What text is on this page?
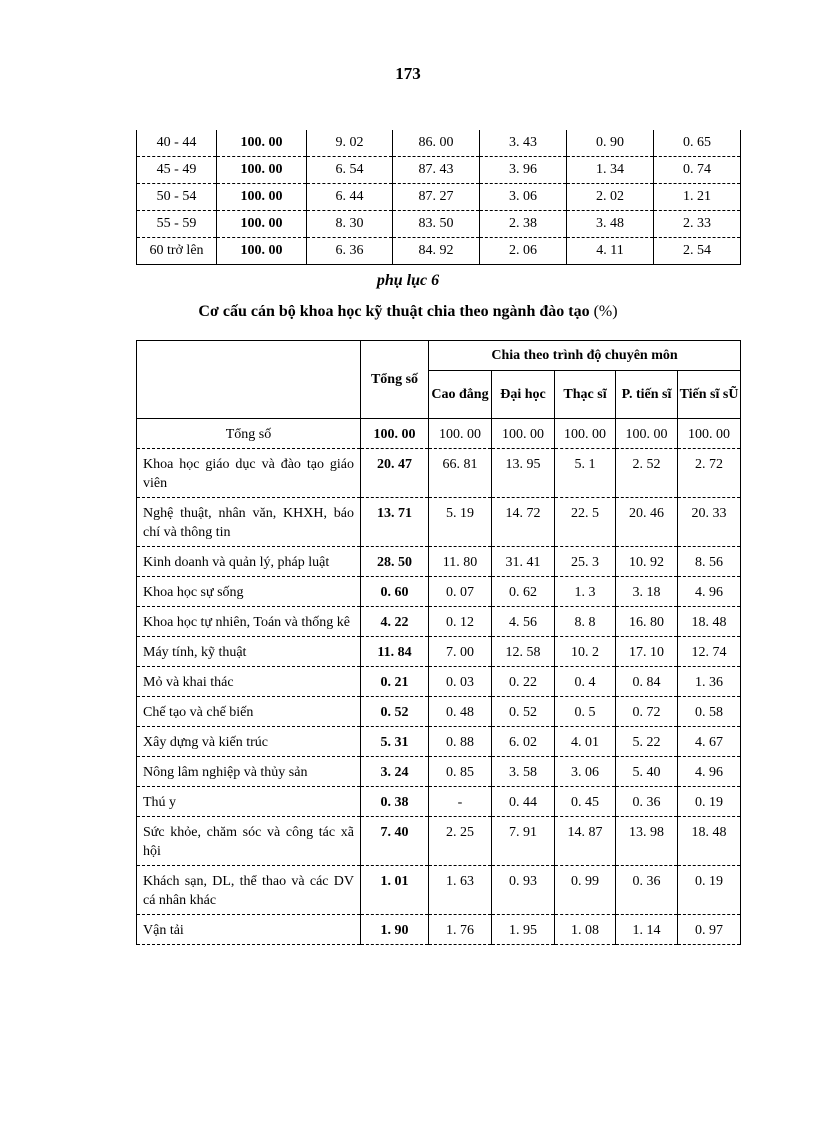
173
40 - 44	100. 00	9. 02	86. 00	3. 43	0. 90	0. 65
45 - 49	100. 00	6. 54	87. 43	3. 96	1. 34	0. 74
50 - 54	100. 00	6. 44	87. 27	3. 06	2. 02	1. 21
55 - 59	100. 00	8. 30	83. 50	2. 38	3. 48	2. 33
60 trở lên	100. 00	6. 36	84. 92	2. 06	4. 11	2. 54
phụ lục 6
Cơ cấu cán bộ khoa học kỹ thuật chia theo ngành đào tạo (%)
	Tổng số	Chia theo trình độ chuyên môn				
		Cao đẳng	Đại học	Thạc sĩ	P. tiến sĩ	Tiến sĩ sŨ
Tổng số	100. 00	100. 00	100. 00	100. 00	100. 00	100. 00
Khoa học giáo dục và đào tạo giáo viên	20. 47	66. 81	13. 95	5. 1	2. 52	2. 72
Nghệ thuật, nhân văn, KHXH, báo chí và thông tin	13. 71	5. 19	14. 72	22. 5	20. 46	20. 33
Kinh doanh và quản lý, pháp luật	28. 50	11. 80	31. 41	25. 3	10. 92	8. 56
Khoa học sự sống	0. 60	0. 07	0. 62	1. 3	3. 18	4. 96
Khoa học tự nhiên, Toán và thống kê	4. 22	0. 12	4. 56	8. 8	16. 80	18. 48
Máy tính, kỹ thuật	11. 84	7. 00	12. 58	10. 2	17. 10	12. 74
Mỏ và khai thác	0. 21	0. 03	0. 22	0. 4	0. 84	1. 36
Chế tạo và chế biến	0. 52	0. 48	0. 52	0. 5	0. 72	0. 58
Xây dựng và kiến trúc	5. 31	0. 88	6. 02	4. 01	5. 22	4. 67
Nông lâm nghiệp và thủy sản	3. 24	0. 85	3. 58	3. 06	5. 40	4. 96
Thú y	0. 38	-	0. 44	0. 45	0. 36	0. 19
Sức khỏe, chăm sóc và công tác xã hội	7. 40	2. 25	7. 91	14. 87	13. 98	18. 48
Khách sạn, DL, thể thao và các DV cá nhân khác	1. 01	1. 63	0. 93	0. 99	0. 36	0. 19
Vận tải	1. 90	1. 76	1. 95	1. 08	1. 14	0. 97
